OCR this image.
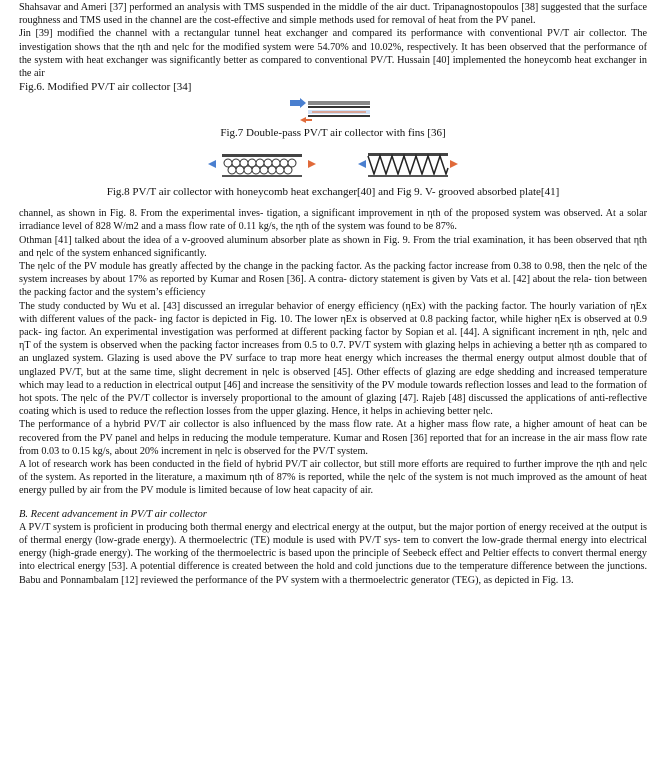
Shahsavar and Ameri [37] performed an analysis with TMS suspended in the middle of the air duct. Tripanagnostopoulos [38] suggested that the surface roughness and TMS used in the channel are the cost-effective and simple methods used for removal of heat from the PV panel.

Jin [39] modified the channel with a rectangular tunnel heat exchanger and compared its performance with conventional PV/T air collector. The investigation shows that the ηth and ηelc for the modified system were 54.70% and 10.02%, respectively. It has been observed that the performance of the system with heat exchanger was significantly better as compared to conventional PV/T. Hussain [40] implemented the honeycomb heat exchanger in the air

Fig.6. Modified PV/T air collector [34]

Fig.7 Double-pass PV/T air collector with fins [36]

Fig.8 PV/T air collector with honeycomb heat exchanger[40] and Fig 9. V- grooved absorbed plate[41]

channel, as shown in Fig. 8. From the experimental inves- tigation, a significant improvement in ηth of the proposed system was observed. At a solar irradiance level of 828 W/m2 and a mass flow rate of 0.11 kg/s, the ηth of the system was found to be 87%.

Othman [41] talked about the idea of a v-grooved aluminum absorber plate as shown in Fig. 9. From the trial examination, it has been observed that ηth and ηelc of the system enhanced significantly.

The ηelc of the PV module has greatly affected by the change in the packing factor. As the packing factor increase from 0.38 to 0.98, then the ηelc of the system increases by about 17% as reported by Kumar and Rosen [36]. A contra- dictory statement is given by Vats et al. [42] about the rela- tion between the packing factor and the system’s efficiency

The study conducted by Wu et al. [43] discussed an irregular behavior of energy efficiency (ηEx) with the packing factor. The hourly variation of ηEx with different values of the pack- ing factor is depicted in Fig. 10. The lower ηEx is observed at 0.8 packing factor, while higher ηEx is observed at 0.9 pack- ing factor. An experimental investigation was performed at different packing factor by Sopian et al. [44]. A significant increment in ηth, ηelc and ηT of the system is observed when the packing factor increases from 0.5 to 0.7. PV/T system with glazing helps in achieving a better ηth as compared to an unglazed system. Glazing is used above the PV surface to trap more heat energy which increases the thermal energy output almost double that of unglazed PV/T, but at the same time, slight decrement in ηelc is observed [45]. Other effects of glazing are edge shedding and increased temperature which may lead to a reduction in electrical output [46] and increase the sensitivity of the PV module towards reflection losses and lead to the formation of hot spots. The ηelc of the PV/T collector is inversely proportional to the amount of glazing [47]. Rajeb [48] discussed the applications of anti-reflective coating which is used to reduce the reflection losses from the upper glazing. Hence, it helps in achieving better ηelc.

The performance of a hybrid PV/T air collector is also influenced by the mass flow rate. At a higher mass flow rate, a higher amount of heat can be recovered from the PV panel and helps in reducing the module temperature. Kumar and Rosen [36] reported that for an increase in the air mass flow rate from 0.03 to 0.15 kg/s, about 20% increment in ηelc is observed for the PV/T system.

A lot of research work has been conducted in the field of hybrid PV/T air collector, but still more efforts are required to further improve the ηth and ηelc of the system. As reported in the literature, a maximum ηth of 87% is reported, while the ηelc of the system is not much improved as the amount of heat energy pulled by air from the PV module is limited because of low heat capacity of air.

B. Recent advancement in PV/T air collector

A PV/T system is proficient in producing both thermal energy and electrical energy at the output, but the major portion of energy received at the output is of thermal energy (low-grade energy). A thermoelectric (TE) module is used with PV/T sys- tem to convert the low-grade thermal energy into electrical energy (high-grade energy). The working of the thermoelectric is based upon the principle of Seebeck effect and Peltier effects to convert thermal energy into electrical energy [53]. A potential difference is created between the hold and cold junctions due to the temperature difference between the junctions. Babu and Ponnambalam [12] reviewed the performance of the PV system with a thermoelectric generator (TEG), as depicted in Fig. 13.
